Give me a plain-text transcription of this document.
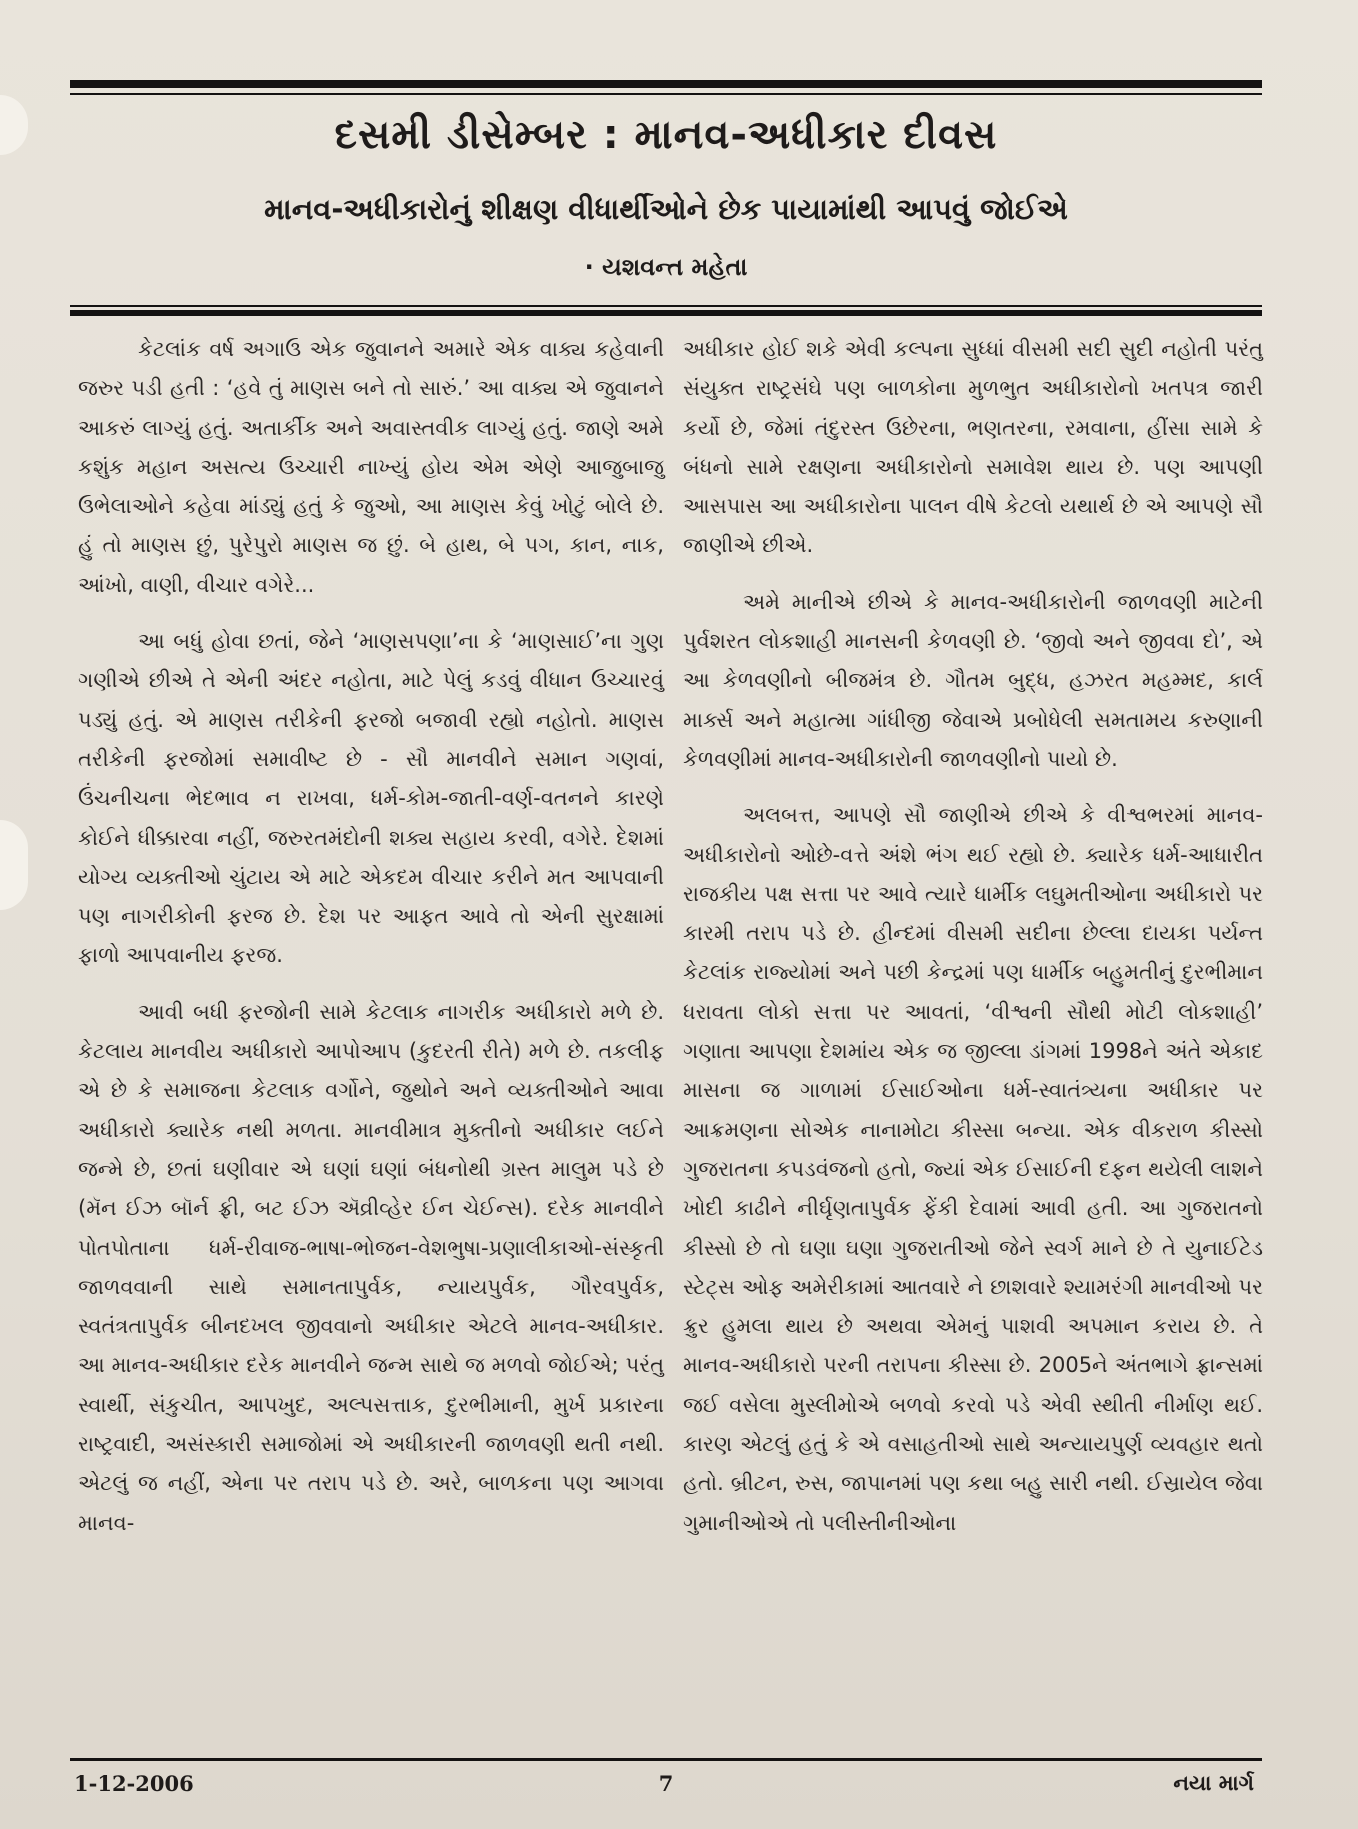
દસમી ડીસેમ્બર : માનવ-અધીકાર દીવસ
માનવ-અધીકારોનું શીક્ષણ વીધાર્થીઓને છેક પાયામાંથી આપવું જોઈએ
· યશવન્ત મહેતા

કેટલાંક વર્ષ અગાઉ એક જુવાનને અમારે એક વાક્ય કહેવાની જરુર પડી હતી : ‘હવે તું માણસ બને તો સારું.’ આ વાક્ય એ જુવાનને આકરું લાગ્યું હતું. અતાર્કીક અને અવાસ્તવીક લાગ્યું હતું. જાણે અમે કશુંક મહાન અસત્ય ઉચ્ચારી નાખ્યું હોય એમ એણે આજુબાજુ ઉભેલાઓને કહેવા માંડ્યું હતું કે જુઓ, આ માણસ કેવું ખોટું બોલે છે. હું તો માણસ છું, પુરેપુરો માણસ જ છું. બે હાથ, બે પગ, કાન, નાક, આંખો, વાણી, વીચાર વગેરે...

આ બધું હોવા છતાં, જેને ‘માણસપણા’ના કે ‘માણસાઈ’ના ગુણ ગણીએ છીએ તે એની અંદર નહોતા, માટે પેલું કડવું વીધાન ઉચ્ચારવું પડ્યું હતું. એ માણસ તરીકેની ફરજો બજાવી રહ્યો નહોતો. માણસ તરીકેની ફરજોમાં સમાવીષ્ટ છે - સૌ માનવીને સમાન ગણવાં, ઉંચનીચના ભેદભાવ ન રાખવા, ધર્મ-કોમ-જાતી-વર્ણ-વતનને કારણે કોઈને ધીક્કારવા નહીં, જરુરતમંદોની શક્ય સહાય કરવી, વગેરે. દેશમાં યોગ્ય વ્યક્તીઓ ચુંટાય એ માટે એકદમ વીચાર કરીને મત આપવાની પણ નાગરીકોની ફરજ છે. દેશ પર આફત આવે તો એની સુરક્ષામાં ફાળો આપવાનીય ફરજ.

આવી બધી ફરજોની સામે કેટલાક નાગરીક અધીકારો મળે છે. કેટલાય માનવીય અધીકારો આપોઆપ (કુદરતી રીતે) મળે છે. તકલીફ એ છે કે સમાજના કેટલાક વર્ગોને, જુથોને અને વ્યક્તીઓને આવા અધીકારો ક્યારેક નથી મળતા. માનવીમાત્ર મુક્તીનો અધીકાર લઈને જન્મે છે, છતાં ઘણીવાર એ ઘણાં ઘણાં બંધનોથી ગ્રસ્ત માલુમ પડે છે (મૅન ઈઝ બૉર્ન ફ્રી, બટ ઈઝ ઍવ્રીવ્હેર ઈન ચેઈન્સ). દરેક માનવીને પોતપોતાના ધર્મ-રીવાજ-ભાષા-ભોજન-વેશભુષા-પ્રણાલીકાઓ-સંસ્કૃતી જાળવવાની સાથે સમાનતાપુર્વક, ન્યાયપુર્વક, ગૌરવપુર્વક, સ્વતંત્રતાપુર્વક બીનદખલ જીવવાનો અધીકાર એટલે માનવ-અધીકાર. આ માનવ-અધીકાર દરેક માનવીને જન્મ સાથે જ મળવો જોઈએ; પરંતુ સ્વાર્થી, સંકુચીત, આપખુદ, અલ્પસત્તાક, દુરભીમાની, મુર્ખ પ્રકારના રાષ્ટ્રવાદી, અસંસ્કારી સમાજોમાં એ અધીકારની જાળવણી થતી નથી. એટલું જ નહીં, એના પર તરાપ પડે છે. અરે, બાળકના પણ આગવા માનવ-

અધીકાર હોઈ શકે એવી કલ્પના સુધ્ધાં વીસમી સદી સુદી નહોતી પરંતુ સંયુક્ત રાષ્ટ્રસંઘે પણ બાળકોના મુળભુત અધીકારોનો ખતપત્ર જારી કર્યો છે, જેમાં તંદુરસ્ત ઉછેરના, ભણતરના, રમવાના, હીંસા સામે કે બંધનો સામે રક્ષણના અધીકારોનો સમાવેશ થાય છે. પણ આપણી આસપાસ આ અધીકારોના પાલન વીષે કેટલો યથાર્થ છે એ આપણે સૌ જાણીએ છીએ.

અમે માનીએ છીએ કે માનવ-અધીકારોની જાળવણી માટેની પુર્વશરત લોકશાહી માનસની કેળવણી છે. ‘જીવો અને જીવવા દો’, એ આ કેળવણીનો બીજમંત્ર છે. ગૌતમ બુદ્ધ, હઝરત મહમ્મદ, કાર્લ માર્ક્સ અને મહાત્મા ગાંધીજી જેવાએ પ્રબોધેલી સમતામય કરુણાની કેળવણીમાં માનવ-અધીકારોની જાળવણીનો પાયો છે.

અલબત્ત, આપણે સૌ જાણીએ છીએ કે વીશ્વભરમાં માનવ-અધીકારોનો ઓછે-વત્તે અંશે ભંગ થઈ રહ્યો છે. ક્યારેક ધર્મ-આધારીત રાજકીય પક્ષ સત્તા પર આવે ત્યારે ધાર્મીક લઘુમતીઓના અધીકારો પર કારમી તરાપ પડે છે. હીન્દમાં વીસમી સદીના છેલ્લા દાયકા પર્યન્ત કેટલાંક રાજ્યોમાં અને પછી કેન્દ્રમાં પણ ધાર્મીક બહુમતીનું દુરભીમાન ધરાવતા લોકો સત્તા પર આવતાં, ‘વીશ્વની સૌથી મોટી લોકશાહી’ ગણાતા આપણા દેશમાંય એક જ જીલ્લા ડાંગમાં 1998ને અંતે એકાદ માસના જ ગાળામાં ઈસાઈઓના ધર્મ-સ્વાતંત્ર્યના અધીકાર પર આક્રમણના સોએક નાનામોટા કીસ્સા બન્યા. એક વીકરાળ કીસ્સો ગુજરાતના કપડવંજનો હતો, જ્યાં એક ઈસાઈની દફન થયેલી લાશને ખોદી કાઢીને નીર્ઘૃણતાપુર્વક ફેંકી દેવામાં આવી હતી. આ ગુજરાતનો કીસ્સો છે તો ઘણા ઘણા ગુજરાતીઓ જેને સ્વર્ગ માને છે તે યુનાઈટેડ સ્ટેટ્સ ઓફ અમેરીકામાં આતવારે ને છાશવારે શ્યામરંગી માનવીઓ પર ક્રુર હુમલા થાય છે અથવા એમનું પાશવી અપમાન કરાય છે. તે માનવ-અધીકારો પરની તરાપના કીસ્સા છે. 2005ને અંતભાગે ફ્રાન્સમાં જઈ વસેલા મુસ્લીમોએ બળવો કરવો પડે એવી સ્થીતી નીર્માણ થઈ. કારણ એટલું હતું કે એ વસાહતીઓ સાથે અન્યાયપુર્ણ વ્યવહાર થતો હતો. બ્રીટન, રુસ, જાપાનમાં પણ કથા બહુ સારી નથી. ઈસ્રાયેલ જેવા ગુમાનીઓએ તો પલીસ્તીનીઓના

1-12-2006	7	નયા માર્ગ
